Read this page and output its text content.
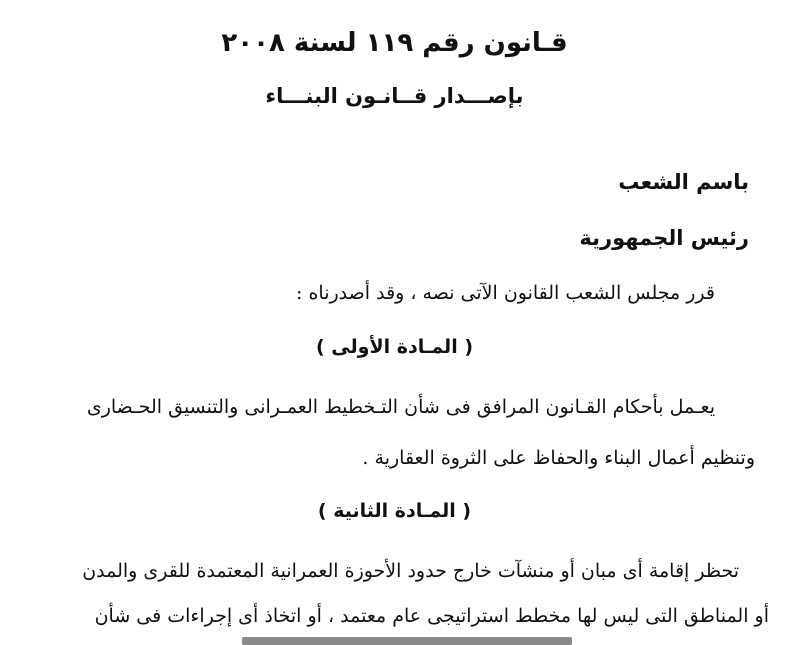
قـانون رقم ١١٩ لسنة ٢٠٠٨
بإصـــدار قــانـون البنـــاء
باسم الشعب
رئيس الجمهورية
قرر مجلس الشعب القانون الآتى نصه ، وقد أصدرناه :
( المـادة الأولى )
يعـمل بأحكام القـانون المرافق فى شأن التـخطيط العمـرانى والتنسيق الحـضارى
وتنظيم أعمال البناء والحفاظ على الثروة العقارية .
( المـادة الثانية )
تحظر إقامة أى مبان أو منشآت خارج حدود الأحوزة العمرانية المعتمدة للقرى والمدن
أو المناطق التى ليس لها مخطط استراتيجى عام معتمد ، أو اتخاذ أى إجراءات فى شأن
